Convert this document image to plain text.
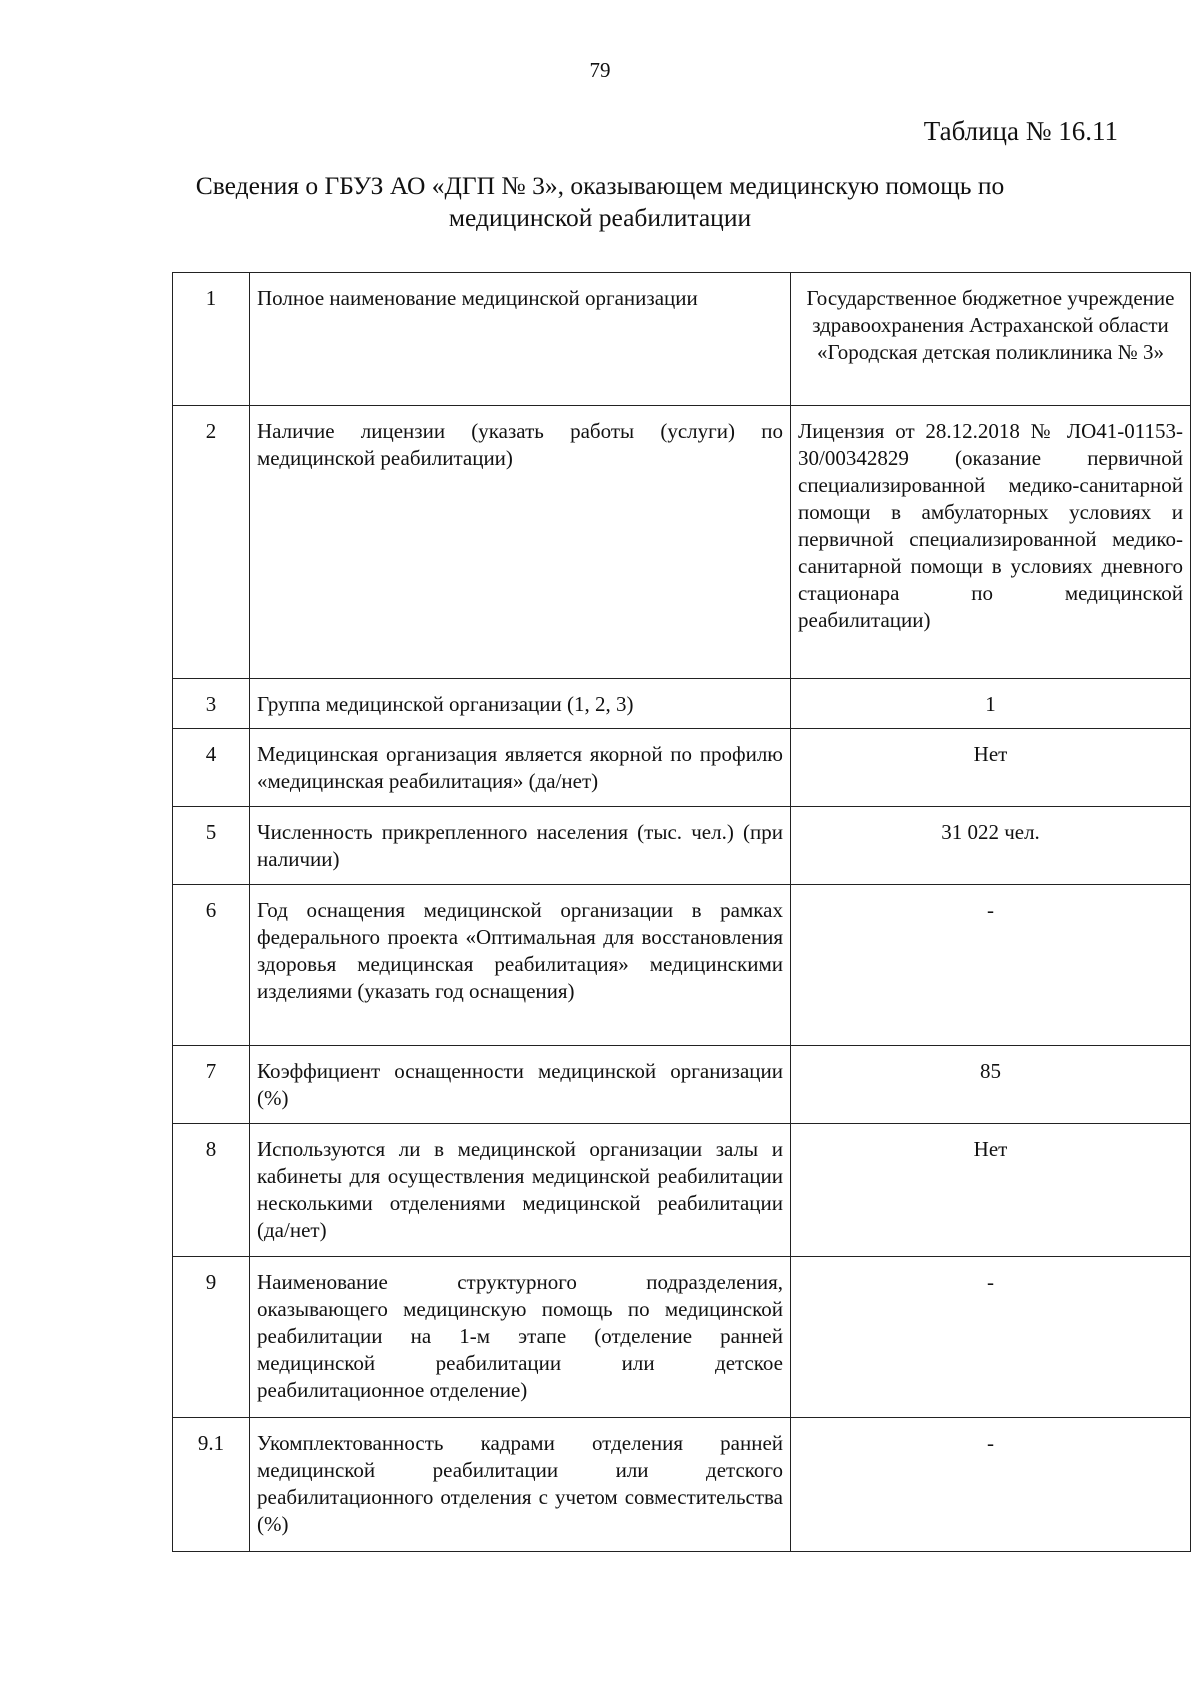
79
Таблица № 16.11
Сведения о ГБУЗ АО «ДГП № 3», оказывающем медицинскую помощь по медицинской реабилитации
1	Полное наименование медицинской организации	Государственное бюджетное учреждение здравоохранения Астраханской области «Городская детская поликлиника № 3»
2	Наличие лицензии (указать работы (услуги) по медицинской реабилитации)	Лицензия от 28.12.2018 № ЛО41-01153-30/00342829 (оказание первичной специализированной медико-санитарной помощи в амбулаторных условиях и первичной специализированной медико-санитарной помощи в условиях дневного стационара по медицинской реабилитации)
3	Группа медицинской организации (1, 2, 3)	1
4	Медицинская организация является якорной по профилю «медицинская реабилитация» (да/нет)	Нет
5	Численность прикрепленного населения (тыс. чел.) (при наличии)	31 022 чел.
6	Год оснащения медицинской организации в рамках федерального проекта «Оптимальная для восстановления здоровья медицинская реабилитация» медицинскими изделиями (указать год оснащения)	-
7	Коэффициент оснащенности медицинской организации (%)	85
8	Используются ли в медицинской организации залы и кабинеты для осуществления медицинской реабилитации несколькими отделениями медицинской реабилитации (да/нет)	Нет
9	Наименование структурного подразделения, оказывающего медицинскую помощь по медицинской реабилитации на 1-м этапе (отделение ранней медицинской реабилитации или детское реабилитационное отделение)	-
9.1	Укомплектованность кадрами отделения ранней медицинской реабилитации или детского реабилитационного отделения с учетом совместительства (%)	-
